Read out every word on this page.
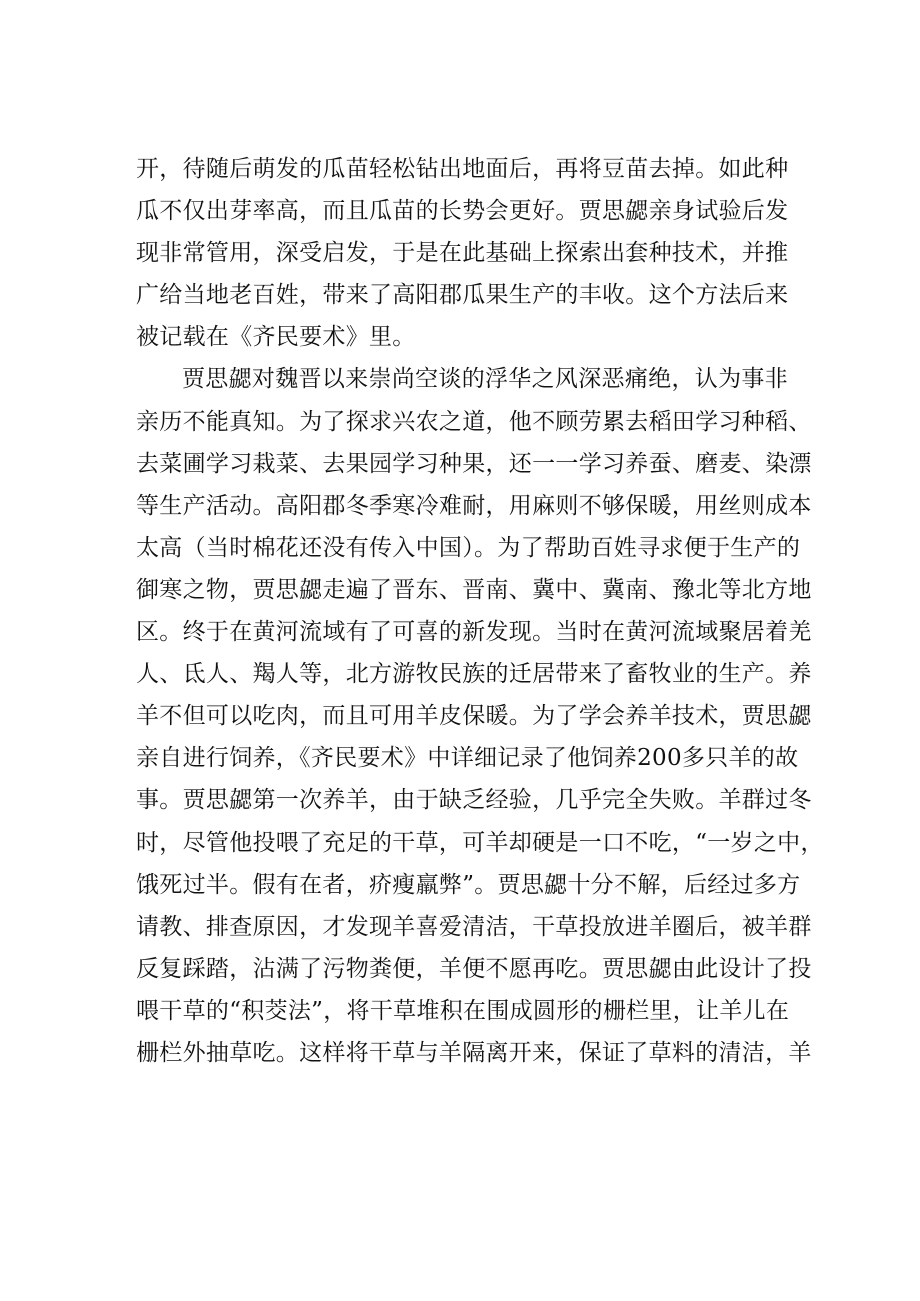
开，待随后萌发的瓜苗轻松钻出地面后，再将豆苗去掉。如此种
瓜不仅出芽率高，而且瓜苗的长势会更好。贾思勰亲身试验后发
现非常管用，深受启发，于是在此基础上探索出套种技术，并推
广给当地老百姓，带来了高阳郡瓜果生产的丰收。这个方法后来
被记载在《齐民要术》里。
贾思勰对魏晋以来崇尚空谈的浮华之风深恶痛绝，认为事非
亲历不能真知。为了探求兴农之道，他不顾劳累去稻田学习种稻、
去菜圃学习栽菜、去果园学习种果，还一一学习养蚕、磨麦、染漂
等生产活动。高阳郡冬季寒冷难耐，用麻则不够保暖，用丝则成本
太高（当时棉花还没有传入中国）。为了帮助百姓寻求便于生产的
御寒之物，贾思勰走遍了晋东、晋南、冀中、冀南、豫北等北方地
区。终于在黄河流域有了可喜的新发现。当时在黄河流域聚居着羌
人、氐人、羯人等，北方游牧民族的迁居带来了畜牧业的生产。养
羊不但可以吃肉，而且可用羊皮保暖。为了学会养羊技术，贾思勰
亲自进行饲养，《齐民要术》中详细记录了他饲养200多只羊的故
事。贾思勰第一次养羊，由于缺乏经验，几乎完全失败。羊群过冬
时，尽管他投喂了充足的干草，可羊却硬是一口不吃，“一岁之中，
饿死过半。假有在者，疥瘦羸弊”。贾思勰十分不解，后经过多方
请教、排查原因，才发现羊喜爱清洁，干草投放进羊圈后，被羊群
反复踩踏，沾满了污物粪便，羊便不愿再吃。贾思勰由此设计了投
喂干草的“积茭法”，将干草堆积在围成圆形的栅栏里，让羊儿在
栅栏外抽草吃。这样将干草与羊隔离开来，保证了草料的清洁，羊
